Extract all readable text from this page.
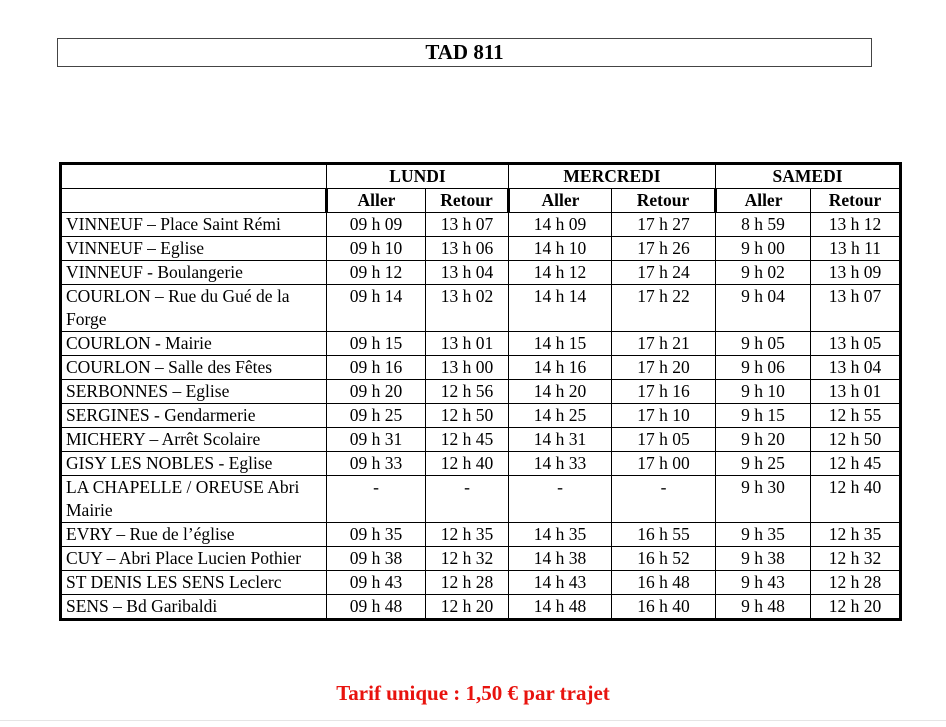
TAD 811
	LUNDI		MERCREDI		SAMEDI	
	Aller	Retour	Aller	Retour	Aller	Retour
VINNEUF – Place Saint Rémi	09 h 09	13 h 07	14 h 09	17 h 27	8 h 59	13 h 12
VINNEUF – Eglise	09 h 10	13 h 06	14 h 10	17 h 26	9 h 00	13 h 11
VINNEUF - Boulangerie	09 h 12	13 h 04	14 h 12	17 h 24	9 h 02	13 h 09
COURLON – Rue du Gué de la Forge	09 h 14	13 h 02	14 h 14	17 h 22	9 h 04	13 h 07
COURLON - Mairie	09 h 15	13 h 01	14 h 15	17 h 21	9 h 05	13 h 05
COURLON – Salle des Fêtes	09 h 16	13 h 00	14 h 16	17 h 20	9 h 06	13 h 04
SERBONNES – Eglise	09 h 20	12 h 56	14 h 20	17 h 16	9 h 10	13 h 01
SERGINES - Gendarmerie	09 h 25	12 h 50	14 h 25	17 h 10	9 h 15	12 h 55
MICHERY – Arrêt Scolaire	09 h 31	12 h 45	14 h 31	17 h 05	9 h 20	12 h 50
GISY LES NOBLES - Eglise	09 h 33	12 h 40	14 h 33	17 h 00	9 h 25	12 h 45
LA CHAPELLE / OREUSE Abri Mairie	-	-	-	-	9 h 30	12 h 40
EVRY – Rue de l’église	09 h 35	12 h 35	14 h 35	16 h 55	9 h 35	12 h 35
CUY – Abri Place Lucien Pothier	09 h 38	12 h 32	14 h 38	16 h 52	9 h 38	12 h 32
ST DENIS LES SENS Leclerc	09 h 43	12 h 28	14 h 43	16 h 48	9 h 43	12 h 28
SENS – Bd Garibaldi	09 h 48	12 h 20	14 h 48	16 h 40	9 h 48	12 h 20
Tarif unique : 1,50 € par trajet
